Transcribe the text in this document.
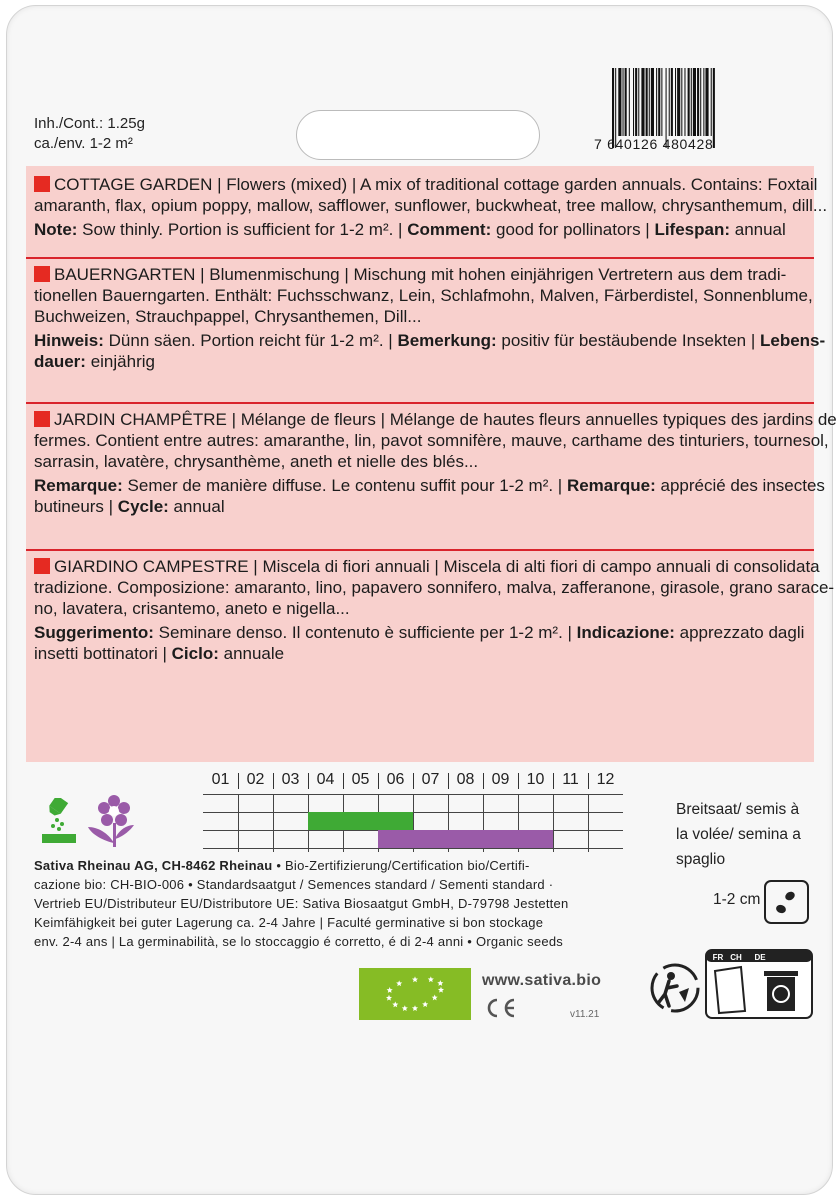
Inh./Cont.: 1.25g
ca./env. 1-2 m²	7 640126 480428

COTTAGE GARDEN | Flowers (mixed) | A mix of traditional cottage garden annuals. Contains: Foxtail

amaranth, flax, opium poppy, mallow, safflower, sunflower, buckwheat, tree mallow, chrysanthemum, dill...

Note: Sow thinly. Portion is sufficient for 1-2 m². | Comment: good for pollinators | Lifespan: annual

BAUERNGARTEN | Blumenmischung | Mischung mit hohen einjährigen Vertretern aus dem tradi-

tionellen Bauerngarten. Enthält: Fuchsschwanz, Lein, Schlafmohn, Malven, Färberdistel, Sonnenblume,

Buchweizen, Strauchpappel, Chrysanthemen, Dill...

Hinweis: Dünn säen. Portion reicht für 1-2 m². | Bemerkung: positiv für bestäubende Insekten | Lebens-

dauer: einjährig

JARDIN CHAMPÊTRE | Mélange de fleurs | Mélange de hautes fleurs annuelles typiques des jardins de

fermes. Contient entre autres: amaranthe, lin, pavot somnifère, mauve, carthame des tinturiers, tournesol,

sarrasin, lavatère, chrysanthème, aneth et nielle des blés...

Remarque: Semer de manière diffuse. Le contenu suffit pour 1-2 m². | Remarque: apprécié des insectes

butineurs | Cycle: annual

GIARDINO CAMPESTRE | Miscela di fiori annuali | Miscela di alti fiori di campo annuali di consolidata

tradizione. Composizione: amaranto, lino, papavero sonnifero, malva, zafferanone, girasole, grano sarace-

no, lavatera, crisantemo, aneto e nigella...

Suggerimento: Seminare denso. Il contenuto è sufficiente per 1-2 m². | Indicazione: apprezzato dagli

insetti bottinatori | Ciclo: annuale

01	02	03	04	05	06	07	08	09	10	11	12
Breitsaat/ semis à
la volée/ semina a
spaglio
1-2 cm

Sativa Rheinau AG, CH-8462 Rheinau • Bio-Zertifizierung/Certification bio/Certifi-

cazione bio: CH-BIO-006 • Standardsaatgut / Semences standard / Sementi standard ·

Vertrieb EU/Distributeur EU/Distributore UE: Sativa Biosaatgut GmbH, D-79798 Jestetten

Keimfähigkeit bei guter Lagerung ca. 2-4 Jahre | Faculté germinative si bon stockage

env. 2-4 ans | La germinabilità, se lo stoccaggio é corretto, é di 2-4 anni • Organic seeds

www.sativa.bio
v11.21
FR CH DE
